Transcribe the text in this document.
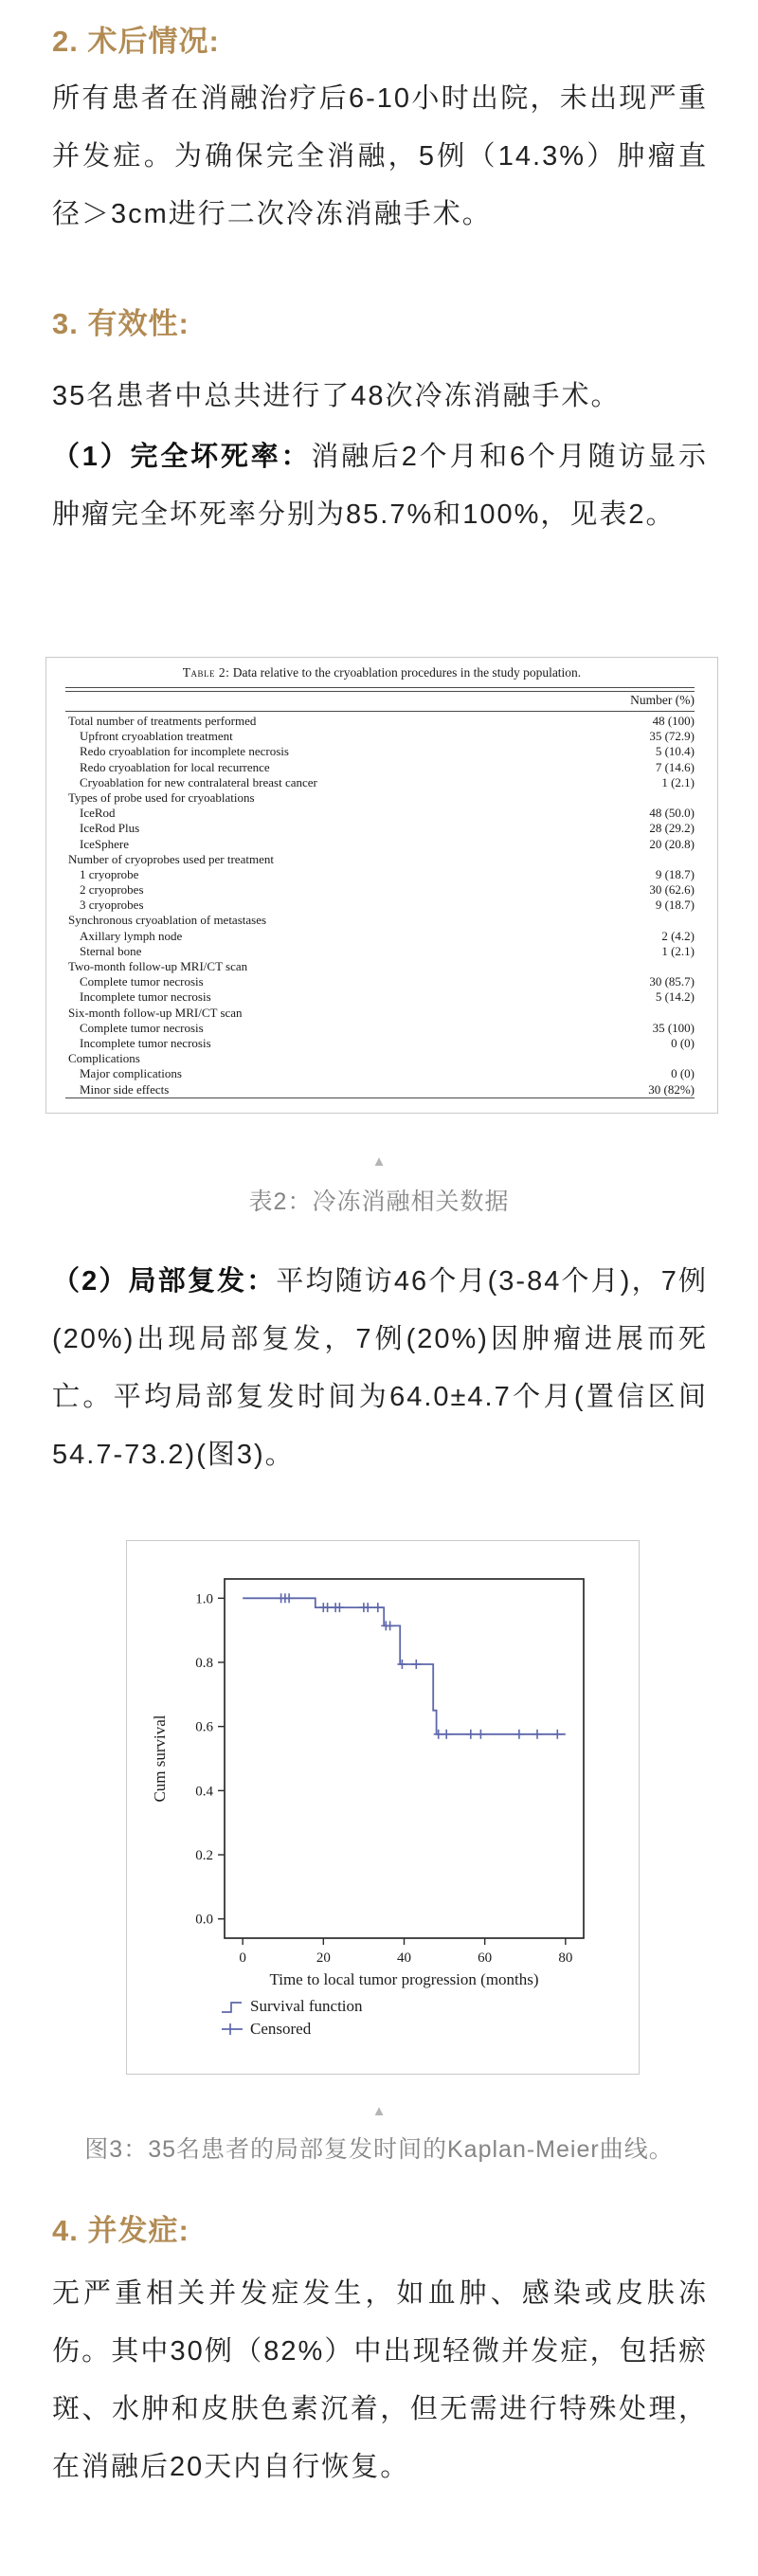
2. 术后情况:
所有患者在消融治疗后6-10小时出院，未出现严重并发症。为确保完全消融，5例（14.3%）肿瘤直径＞3cm进行二次冷冻消融手术。
3. 有效性:
35名患者中总共进行了48次冷冻消融手术。
（1）完全坏死率：消融后2个月和6个月随访显示肿瘤完全坏死率分别为85.7%和100%，见表2。
Table 2: Data relative to the cryoablation procedures in the study population.
Number (%)
Total number of treatments performed	48 (100)
Upfront cryoablation treatment	35 (72.9)
Redo cryoablation for incomplete necrosis	5 (10.4)
Redo cryoablation for local recurrence	7 (14.6)
Cryoablation for new contralateral breast cancer	1 (2.1)
Types of probe used for cryoablations
IceRod	48 (50.0)
IceRod Plus	28 (29.2)
IceSphere	20 (20.8)
Number of cryoprobes used per treatment
1 cryoprobe	9 (18.7)
2 cryoprobes	30 (62.6)
3 cryoprobes	9 (18.7)
Synchronous cryoablation of metastases
Axillary lymph node	2 (4.2)
Sternal bone	1 (2.1)
Two-month follow-up MRI/CT scan
Complete tumor necrosis	30 (85.7)
Incomplete tumor necrosis	5 (14.2)
Six-month follow-up MRI/CT scan
Complete tumor necrosis	35 (100)
Incomplete tumor necrosis	0 (0)
Complications
Major complications	0 (0)
Minor side effects	30 (82%)
▲
表2：冷冻消融相关数据
（2）局部复发：平均随访46个月(3-84个月)，7例(20%)出现局部复发，7例(20%)因肿瘤进展而死亡。平均局部复发时间为64.0±4.7个月(置信区间54.7-73.2)(图3)。
1.0
0.8
0.6
0.4
0.2
0.0
0	20	40	60	80
Time to local tumor progression (months)
Cum survival
Survival function
Censored
▲
图3：35名患者的局部复发时间的Kaplan-Meier曲线。
4. 并发症:
无严重相关并发症发生，如血肿、感染或皮肤冻伤。其中30例（82%）中出现轻微并发症，包括瘀斑、水肿和皮肤色素沉着，但无需进行特殊处理，在消融后20天内自行恢复。
